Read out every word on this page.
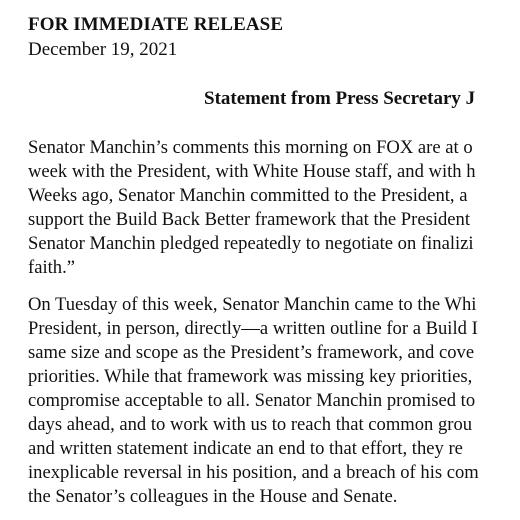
FOR IMMEDIATE RELEASE
December 19, 2021
Statement from Press Secretary J
Senator Manchin’s comments this morning on FOX are at o
week with the President, with White House staff, and with h
Weeks ago, Senator Manchin committed to the President, a
support the Build Back Better framework that the President
Senator Manchin pledged repeatedly to negotiate on finalizi
faith.”
On Tuesday of this week, Senator Manchin came to the Whi
President, in person, directly—a written outline for a Build I
same size and scope as the President’s framework, and cove
priorities. While that framework was missing key priorities,
compromise acceptable to all. Senator Manchin promised to
days ahead, and to work with us to reach that common grou
and written statement indicate an end to that effort, they re
inexplicable reversal in his position, and a breach of his com
the Senator’s colleagues in the House and Senate.
